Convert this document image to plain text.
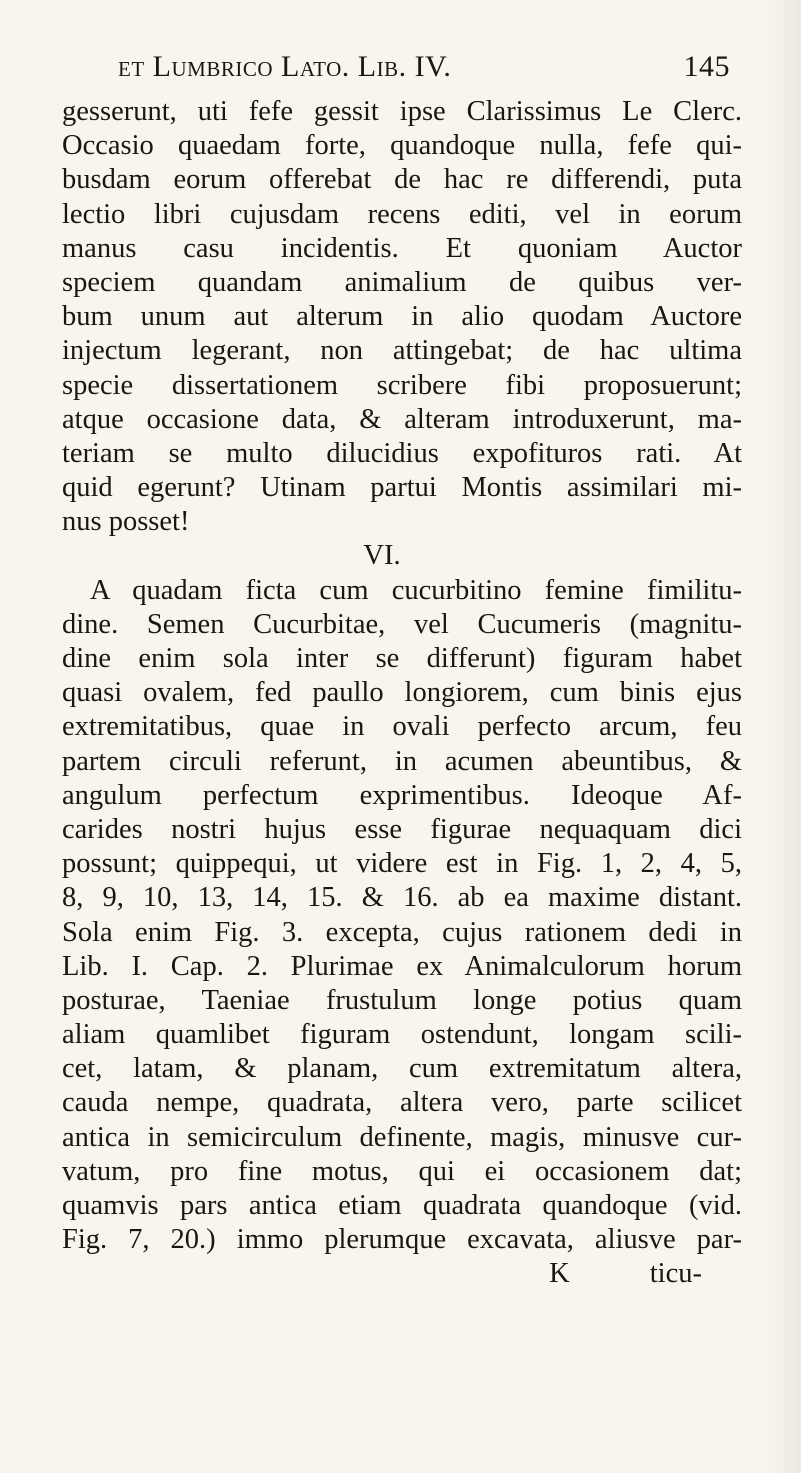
et Lumbrico Lato. Lib. IV.	145
gesserunt, uti fefe gessit ipse Clarissimus Le Clerc.
Occasio quaedam forte, quandoque nulla, fefe qui-
busdam eorum offerebat de hac re differendi, puta
lectio libri cujusdam recens editi, vel in eorum
manus casu incidentis. Et quoniam Auctor
speciem quandam animalium de quibus ver-
bum unum aut alterum in alio quodam Auctore
injectum legerant, non attingebat; de hac ultima
specie dissertationem scribere fibi proposuerunt;
atque occasione data, & alteram introduxerunt, ma-
teriam se multo dilucidius expofituros rati. At
quid egerunt? Utinam partui Montis assimilari mi-
nus posset!
VI.
A quadam ficta cum cucurbitino femine fimilitu-
dine. Semen Cucurbitae, vel Cucumeris (magnitu-
dine enim sola inter se differunt) figuram habet
quasi ovalem, fed paullo longiorem, cum binis ejus
extremitatibus, quae in ovali perfecto arcum, feu
partem circuli referunt, in acumen abeuntibus, &
angulum perfectum exprimentibus. Ideoque Af-
carides nostri hujus esse figurae nequaquam dici
possunt; quippequi, ut videre est in Fig. 1, 2, 4, 5,
8, 9, 10, 13, 14, 15. & 16. ab ea maxime distant.
Sola enim Fig. 3. excepta, cujus rationem dedi in
Lib. I. Cap. 2. Plurimae ex Animalculorum horum
posturae, Taeniae frustulum longe potius quam
aliam quamlibet figuram ostendunt, longam scili-
cet, latam, & planam, cum extremitatum altera,
cauda nempe, quadrata, altera vero, parte scilicet
antica in semicirculum definente, magis, minusve cur-
vatum, pro fine motus, qui ei occasionem dat;
quamvis pars antica etiam quadrata quandoque (vid.
Fig. 7, 20.) immo plerumque excavata, aliusve par-
K	ticu-
